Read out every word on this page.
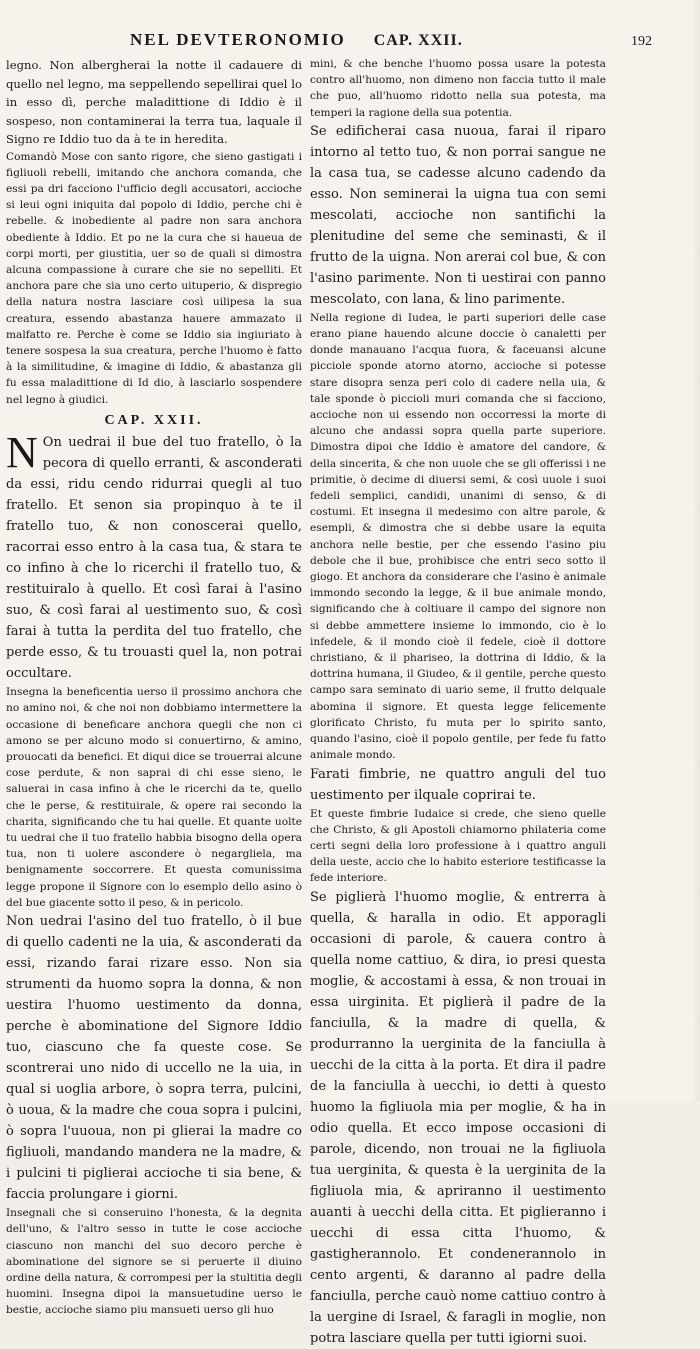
NEL DEVTERONOMIO CAP. XXII.	192

legno. Non albergherai la notte il cadauere di quello nel legno, ma seppellendo sepellirai quel lo in esso dì, perche maladittione di Iddio è il sospeso, non contaminerai la terra tua, laquale il Signo re Iddio tuo da à te in heredita.

Comandò Mose con santo rigore, che sieno gastigati i figliuoli rebelli, imitando che anchora comanda, che essi pa dri facciono l'ufficio degli accusatori, accioche si leui ogni iniquita dal popolo di Iddio, perche chi è rebelle. & inobediente al padre non sara anchora obediente à Iddio. Et po ne la cura che si haueua de corpi morti, per giustitia, uer so de quali si dimostra alcuna compassione à curare che sie no sepelliti. Et anchora pare che sia uno certo uituperio, & dispregio della natura nostra lasciare così uilipesa la sua creatura, essendo abastanza hauere ammazato il malfatto re. Perche è come se Iddio sia ingiuriato à tenere sospesa la sua creatura, perche l'huomo è fatto à la similitudine, & imagine di Iddio, & abastanza gli fu essa maladittione di Id dio, à lasciarlo sospendere nel legno à giudici.

CAP. XXII.

N On uedrai il bue del tuo fratello, ò la pecora di quello erranti, & asconderati da essi, ridu cendo ridurrai quegli al tuo fratello. Et senon sia propinquo à te il fratello tuo, & non conoscerai quello, racorrai esso entro à la casa tua, & stara te co infino à che lo ricerchi il fratello tuo, & restituiralo à quello. Et così farai à l'asino suo, & così farai al uestimento suo, & così farai à tutta la perdita del tuo fratello, che perde esso, & tu trouasti quel la, non potrai occultare.

Insegna la beneficentia uerso il prossimo anchora che no amino noi, & che noi non dobbiamo intermettere la occasione di beneficare anchora quegli che non ci amono se per alcuno modo si conuertirno, & amino, prouocati da benefici. Et diqui dice se trouerrai alcune cose perdute, & non saprai di chi esse sieno, le saluerai in casa infino à che le ricerchi da te, quello che le perse, & restituirale, & opere rai secondo la charita, significando che tu hai quelle. Et quante uolte tu uedrai che il tuo fratello habbia bisogno della opera tua, non ti uolere ascondere ò negargliela, ma benignamente soccorrere. Et questa comunissima legge propone il Signore con lo esemplo dello asino ò del bue giacente sotto il peso, & in pericolo.

Non uedrai l'asino del tuo fratello, ò il bue di quello cadenti ne la uia, & asconderati da essi, rizando farai rizare esso. Non sia strumenti da huomo sopra la donna, & non uestira l'huomo uestimento da donna, perche è abominatione del Signore Iddio tuo, ciascuno che fa queste cose. Se scontrerai uno nido di uccello ne la uia, in qual si uoglia arbore, ò sopra terra, pulcini, ò uoua, & la madre che coua sopra i pulcini, ò sopra l'uuoua, non pi glierai la madre co figliuoli, mandando mandera ne la madre, & i pulcini ti piglierai accioche ti sia bene, & faccia prolungare i giorni.

Insegnali che si conseruino l'honesta, & la degnita dell'uno, & l'altro sesso in tutte le cose accioche ciascuno non manchi del suo decoro perche è abominatione del signore se si peruerte il diuino ordine della natura, & corrompesi per la stultitia degli huomini. Insegna dipoi la mansuetudine uerso le bestie, accioche siamo piu mansueti uerso gli huo

mini, & che benche l'huomo possa usare la potesta contro all'huomo, non dimeno non faccia tutto il male che puo, all'huomo ridotto nella sua potesta, ma temperi la ragione della sua potentia.

Se edificherai casa nuoua, farai il riparo intorno al tetto tuo, & non porrai sangue ne la casa tua, se cadesse alcuno cadendo da esso. Non seminerai la uigna tua con semi mescolati, accioche non santifichi la plenitudine del seme che seminasti, & il frutto de la uigna. Non arerai col bue, & con l'asino parimente. Non ti uestirai con panno mescolato, con lana, & lino parimente.

Nella regione di Iudea, le parti superiori delle case erano piane hauendo alcune doccie ò canaletti per donde manauano l'acqua fuora, & faceuansi alcune picciole sponde atorno atorno, accioche si potesse stare disopra senza peri colo di cadere nella uia, & tale sponde ò piccioli muri comanda che si facciono, accioche non ui essendo non occorressi la morte di alcuno che andassi sopra quella parte superiore. Dimostra dipoi che Iddio è amatore del candore, & della sincerita, & che non uuole che se gli offerissi i ne primitie, ò decime di diuersi semi, & così uuole i suoi fedeli semplici, candidi, unanimi di senso, & di costumi. Et insegna il medesimo con altre parole, & esempli, & dimostra che si debbe usare la equita anchora nelle bestie, per che essendo l'asino piu debole che il bue, prohibisce che entri seco sotto il giogo. Et anchora da considerare che l'asino è animale immondo secondo la legge, & il bue animale mondo, significando che à coltiuare il campo del signore non si debbe ammettere insieme lo immondo, cio è lo infedele, & il mondo cioè il fedele, cioè il dottore christiano, & il phariseo, la dottrina di Iddio, & la dottrina humana, il Giudeo, & il gentile, perche questo campo sara seminato di uario seme, il frutto delquale abomina il signore. Et questa legge felicemente glorificato Christo, fu muta per lo spirito santo, quando l'asino, cioè il popolo gentile, per fede fu fatto animale mondo.

Farati fimbrie, ne quattro anguli del tuo uestimento per ilquale coprirai te.

Et queste fimbrie Iudaice si crede, che sieno quelle che Christo, & gli Apostoli chiamorno philateria come certi segni della loro professione à i quattro anguli della ueste, accio che lo habito esteriore testificasse la fede interiore.

Se piglierà l'huomo moglie, & entrerra à quella, & haralla in odio. Et apporagli occasioni di parole, & cauera contro à quella nome cattiuo, & dira, io presi questa moglie, & accostami à essa, & non trouai in essa uirginita. Et piglierà il padre de la fanciulla, & la madre di quella, & produrranno la uerginita de la fanciulla à uecchi de la citta à la porta. Et dira il padre de la fanciulla à uecchi, io detti à questo huomo la figliuola mia per moglie, & ha in odio quella. Et ecco impose occasioni di parole, dicendo, non trouai ne la figliuola tua uerginita, & questa è la uerginita de la figliuola mia, & apriranno il uestimento auanti à uecchi della citta. Et piglieranno i uecchi di essa citta l'huomo, & gastigherannolo. Et condenerannolo in cento argenti, & daranno al padre della fanciulla, perche cauò nome cattiuo contro à la uergine di Israel, & faragli in moglie, non potra lasciare quella per tutti igiorni suoi.
